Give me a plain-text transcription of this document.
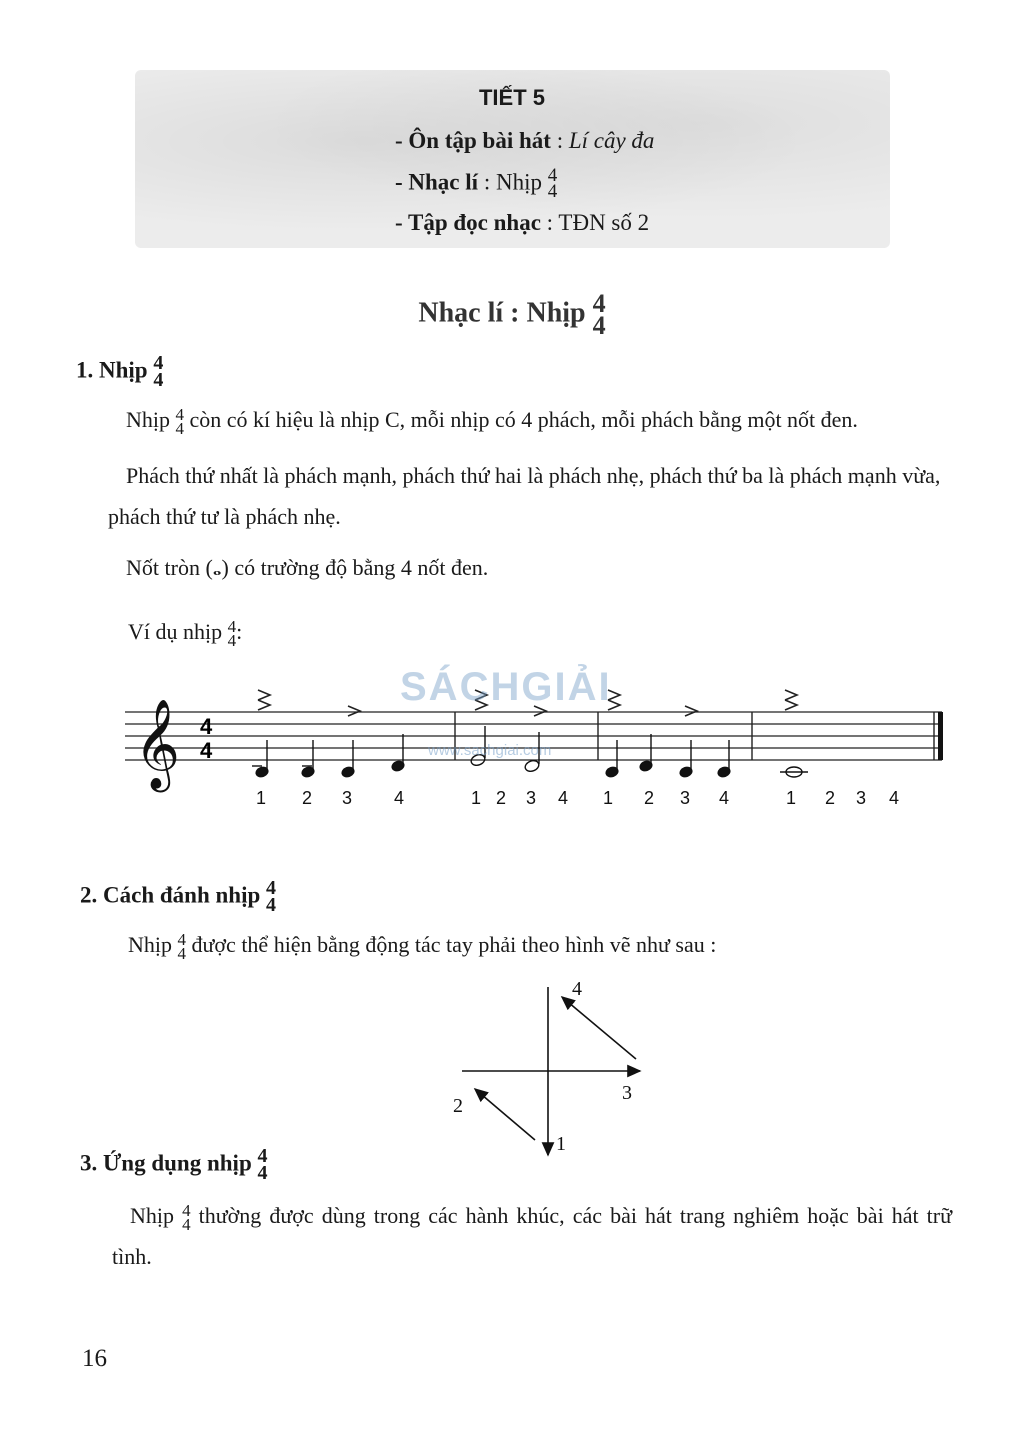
TIẾT 5
- Ôn tập bài hát : Lí cây đa
- Nhạc lí : Nhịp 4
4
- Tập đọc nhạc : TĐN số 2
Nhạc lí : Nhịp 4
4
1. Nhịp 4
4
Nhịp 4
4 còn có kí hiệu là nhịp C, mỗi nhịp có 4 phách, mỗi phách bằng một nốt đen.
Phách thứ nhất là phách mạnh, phách thứ hai là phách nhẹ, phách thứ ba là phách mạnh vừa, phách thứ tư là phách nhẹ.
Nốt tròn (𝅝) có trường độ bằng 4 nốt đen.
Ví dụ nhịp 4
4 :
𝄞 4
4
1 2 3 4	1 2 3 4 1 2 3 4	1 2 3 4
SÁCHGIẢI
www.sachgiai.com
2. Cách đánh nhịp 4
4
Nhịp 4
4 được thể hiện bằng động tác tay phải theo hình vẽ như sau :
1
2
3
4
3. Ứng dụng nhịp 4
4
Nhịp 4
4 thường được dùng trong các hành khúc, các bài hát trang nghiêm hoặc bài hát trữ tình.
16
